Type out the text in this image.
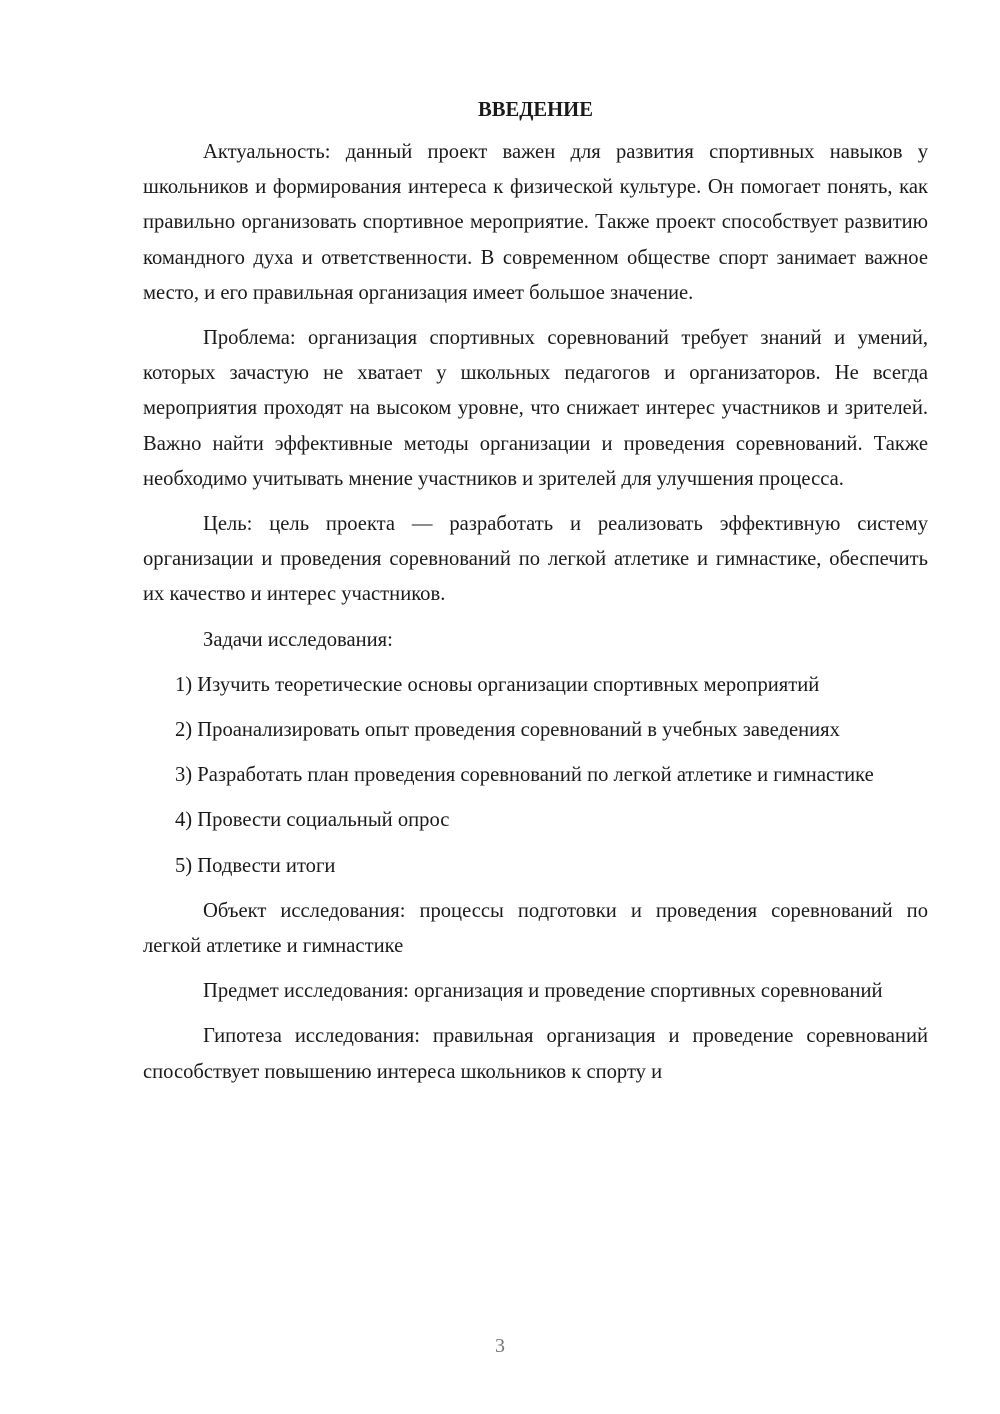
ВВЕДЕНИЕ

Актуальность: данный проект важен для развития спортивных навыков у школьников и формирования интереса к физической культуре. Он помогает понять, как правильно организовать спортивное мероприятие. Также проект способствует развитию командного духа и ответственности. В современном обществе спорт занимает важное место, и его правильная организация имеет большое значение.

Проблема: организация спортивных соревнований требует знаний и умений, которых зачастую не хватает у школьных педагогов и организаторов. Не всегда мероприятия проходят на высоком уровне, что снижает интерес участников и зрителей. Важно найти эффективные методы организации и проведения соревнований. Также необходимо учитывать мнение участников и зрителей для улучшения процесса.

Цель: цель проекта — разработать и реализовать эффективную систему организации и проведения соревнований по легкой атлетике и гимнастике, обеспечить их качество и интерес участников.

Задачи исследования:

1) Изучить теоретические основы организации спортивных мероприятий

2) Проанализировать опыт проведения соревнований в учебных заведениях

3) Разработать план проведения соревнований по легкой атлетике и гимнастике

4) Провести социальный опрос

5) Подвести итоги

Объект исследования: процессы подготовки и проведения соревнований по легкой атлетике и гимнастике

Предмет исследования: организация и проведение спортивных соревнований

Гипотеза исследования: правильная организация и проведение соревнований способствует повышению интереса школьников к спорту и

3
